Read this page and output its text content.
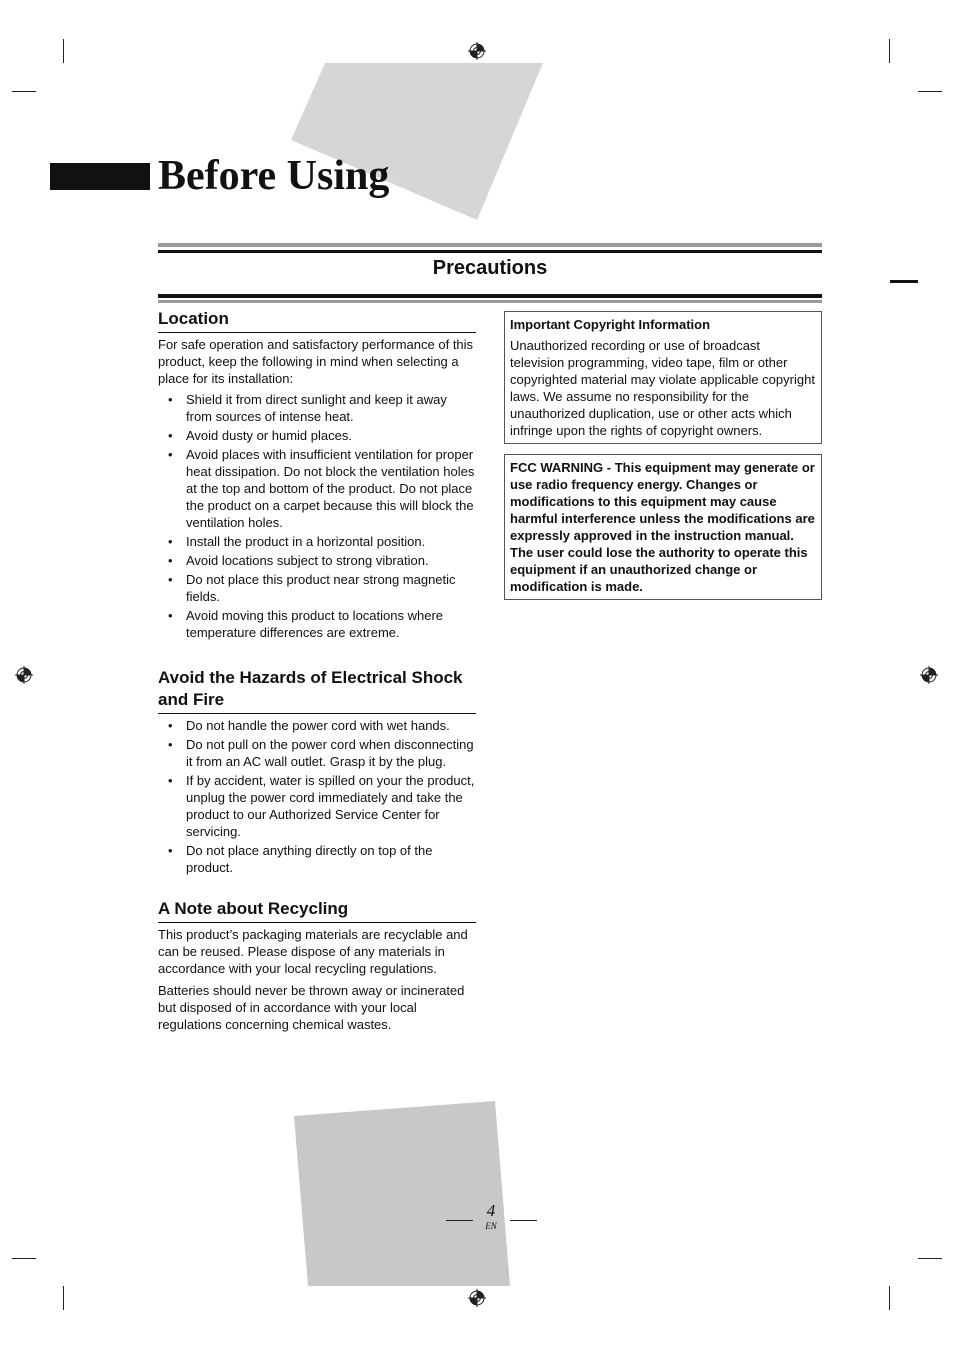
Before Using
Precautions
Location

For safe operation and satisfactory performance of this product, keep the following in mind when selecting a place for its installation:

• Shield it from direct sunlight and keep it away from sources of intense heat.
• Avoid dusty or humid places.
• Avoid places with insufficient ventilation for proper heat dissipation. Do not block the ventilation holes at the top and bottom of the product. Do not place the product on a carpet because this will block the ventilation holes.
• Install the product in a horizontal position.
• Avoid locations subject to strong vibration.
• Do not place this product near strong magnetic fields.
• Avoid moving this product to locations where temperature differences are extreme.
Avoid the Hazards of Electrical Shock and Fire
• Do not handle the power cord with wet hands.
• Do not pull on the power cord when disconnecting it from an AC wall outlet. Grasp it by the plug.
• If by accident, water is spilled on your the product, unplug the power cord immediately and take the product to our Authorized Service Center for servicing.
• Do not place anything directly on top of the product.
A Note about Recycling

This product’s packaging materials are recyclable and can be reused. Please dispose of any materials in accordance with your local recycling regulations.

Batteries should never be thrown away or incinerated but disposed of in accordance with your local regulations concerning chemical wastes.

Important Copyright Information
Unauthorized recording or use of broadcast television programming, video tape, film or other copyrighted material may violate applicable copyright laws. We assume no responsibility for the unauthorized duplication, use or other acts which infringe upon the rights of copyright owners.
FCC WARNING - This equipment may generate or use radio frequency energy. Changes or modifications to this equipment may cause harmful interference unless the modifications are expressly approved in the instruction manual. The user could lose the authority to operate this equipment if an unauthorized change or modification is made.
4
EN
